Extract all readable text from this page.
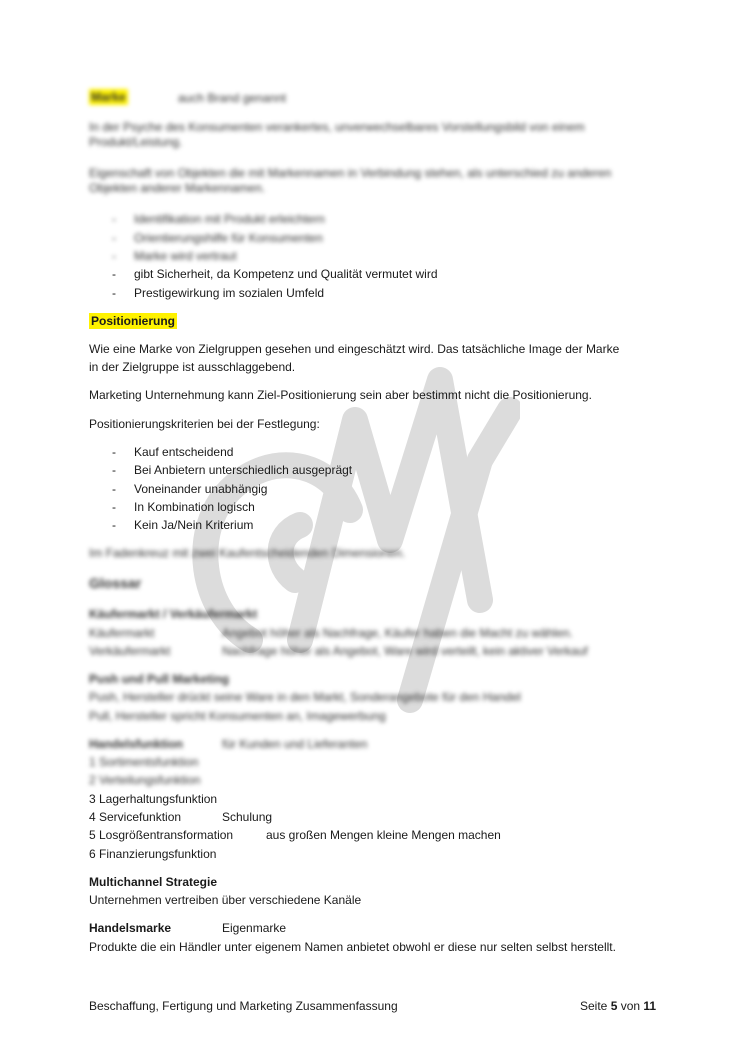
Marke	auch Brand genannt
In der Psyche des Konsumenten verankertes, unverwechselbares Vorstellungsbild von einem Produkt/Leistung.
Eigenschaft von Objekten die mit Markennamen in Verbindung stehen, als unterschied zu anderen Objekten anderer Markennamen.
- Identifikation mit Produkt erleichtern
- Orientierungshilfe für Konsumenten
- Marke wird vertraut
- gibt Sicherheit, da Kompetenz und Qualität vermutet wird
- Prestigewirkung im sozialen Umfeld
Positionierung
Wie eine Marke von Zielgruppen gesehen und eingeschätzt wird. Das tatsächliche Image der Marke
in der Zielgruppe ist ausschlaggebend.
Marketing Unternehmung kann Ziel-Positionierung sein aber bestimmt nicht die Positionierung.
Positionierungskriterien bei der Festlegung:
- Kauf entscheidend
- Bei Anbietern unterschiedlich ausgeprägt
- Voneinander unabhängig
- In Kombination logisch
- Kein Ja/Nein Kriterium
Im Fadenkreuz mit zwei Kaufentscheidenden Dimensionen.
Glossar
Käufermarkt / Verkäufermarkt
Käufermarkt	Angebot höher als Nachfrage, Käufer haben die Macht zu wählen.
Verkäufermarkt	Nachfrage höher als Angebot, Ware wird verteilt, kein aktiver Verkauf
Push und Pull Marketing
Push, Hersteller drückt seine Ware in den Markt, Sonderangebote für den Handel
Pull, Hersteller spricht Konsumenten an, Imagewerbung
Handelsfunktion	für Kunden und Lieferanten
1 Sortimentsfunktion
2 Verteilungsfunktion
3 Lagerhaltungsfunktion
4 Servicefunktion	Schulung
5 Losgrößentransformation	aus großen Mengen kleine Mengen machen
6 Finanzierungsfunktion
Multichannel Strategie
Unternehmen vertreiben über verschiedene Kanäle
Handelsmarke	Eigenmarke
Produkte die ein Händler unter eigenem Namen anbietet obwohl er diese nur selten selbst herstellt.
Beschaffung, Fertigung und Marketing Zusammenfassung	Seite 5 von 11
